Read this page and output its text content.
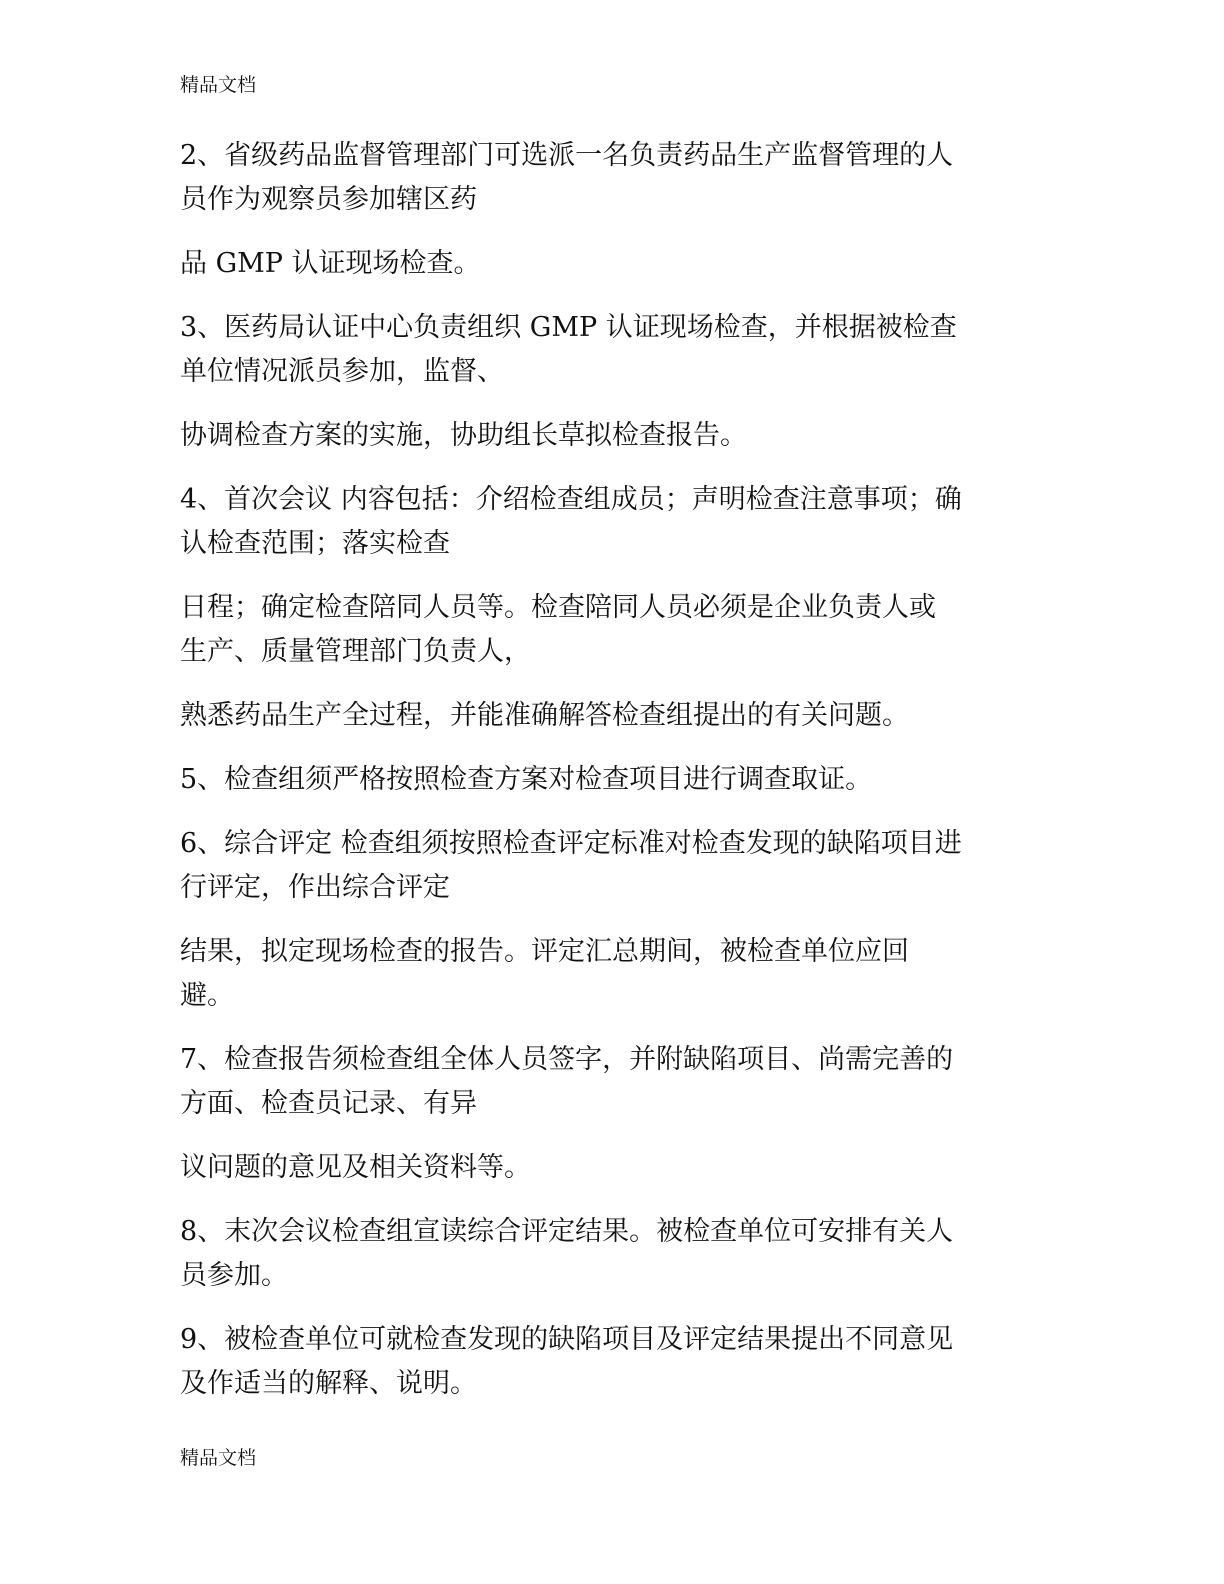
精品文档
2、省级药品监督管理部门可选派一名负责药品生产监督管理的人
员作为观察员参加辖区药
品 GMP 认证现场检查。
3、医药局认证中心负责组织 GMP 认证现场检查，并根据被检查
单位情况派员参加，监督、
协调检查方案的实施，协助组长草拟检查报告。
4、首次会议 内容包括：介绍检查组成员；声明检查注意事项；确
认检查范围；落实检查
日程；确定检查陪同人员等。检查陪同人员必须是企业负责人或
生产、质量管理部门负责人，
熟悉药品生产全过程，并能准确解答检查组提出的有关问题。
5、检查组须严格按照检查方案对检查项目进行调查取证。
6、综合评定 检查组须按照检查评定标准对检查发现的缺陷项目进
行评定，作出综合评定
结果，拟定现场检查的报告。评定汇总期间，被检查单位应回
避。
7、检查报告须检查组全体人员签字，并附缺陷项目、尚需完善的
方面、检查员记录、有异
议问题的意见及相关资料等。
8、末次会议检查组宣读综合评定结果。被检查单位可安排有关人
员参加。
9、被检查单位可就检查发现的缺陷项目及评定结果提出不同意见
及作适当的解释、说明。
精品文档
